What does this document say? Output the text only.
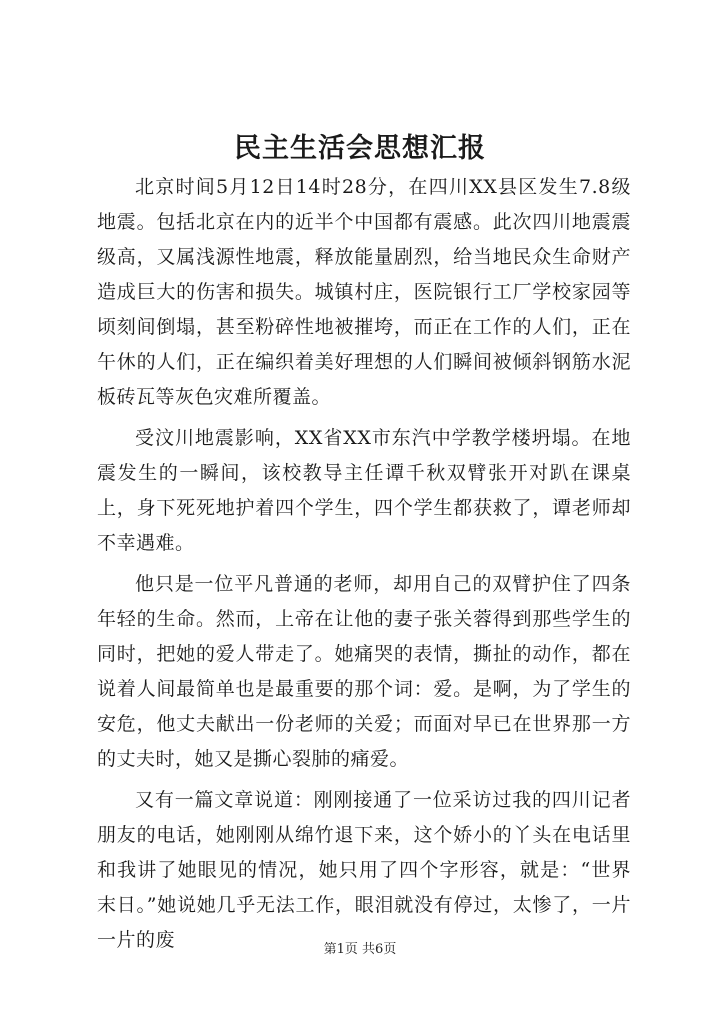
民主生活会思想汇报

北京时间5月12日14时28分，在四川XX县区发生7.8级地震。包括北京在内的近半个中国都有震感。此次四川地震震级高，又属浅源性地震，释放能量剧烈，给当地民众生命财产造成巨大的伤害和损失。城镇村庄，医院银行工厂学校家园等顷刻间倒塌，甚至粉碎性地被摧垮，而正在工作的人们，正在午休的人们，正在编织着美好理想的人们瞬间被倾斜钢筋水泥板砖瓦等灰色灾难所覆盖。

受汶川地震影响，XX省XX市东汽中学教学楼坍塌。在地震发生的一瞬间，该校教导主任谭千秋双臂张开对趴在课桌上，身下死死地护着四个学生，四个学生都获救了，谭老师却不幸遇难。

他只是一位平凡普通的老师，却用自己的双臂护住了四条年轻的生命。然而，上帝在让他的妻子张关蓉得到那些学生的同时，把她的爱人带走了。她痛哭的表情，撕扯的动作，都在说着人间最简单也是最重要的那个词：爱。是啊，为了学生的安危，他丈夫献出一份老师的关爱；而面对早已在世界那一方的丈夫时，她又是撕心裂肺的痛爱。

又有一篇文章说道：刚刚接通了一位采访过我的四川记者朋友的电话，她刚刚从绵竹退下来，这个娇小的丫头在电话里和我讲了她眼见的情况，她只用了四个字形容，就是：“世界末日。”她说她几乎无法工作，眼泪就没有停过，太惨了，一片一片的废	第1页 共6页
